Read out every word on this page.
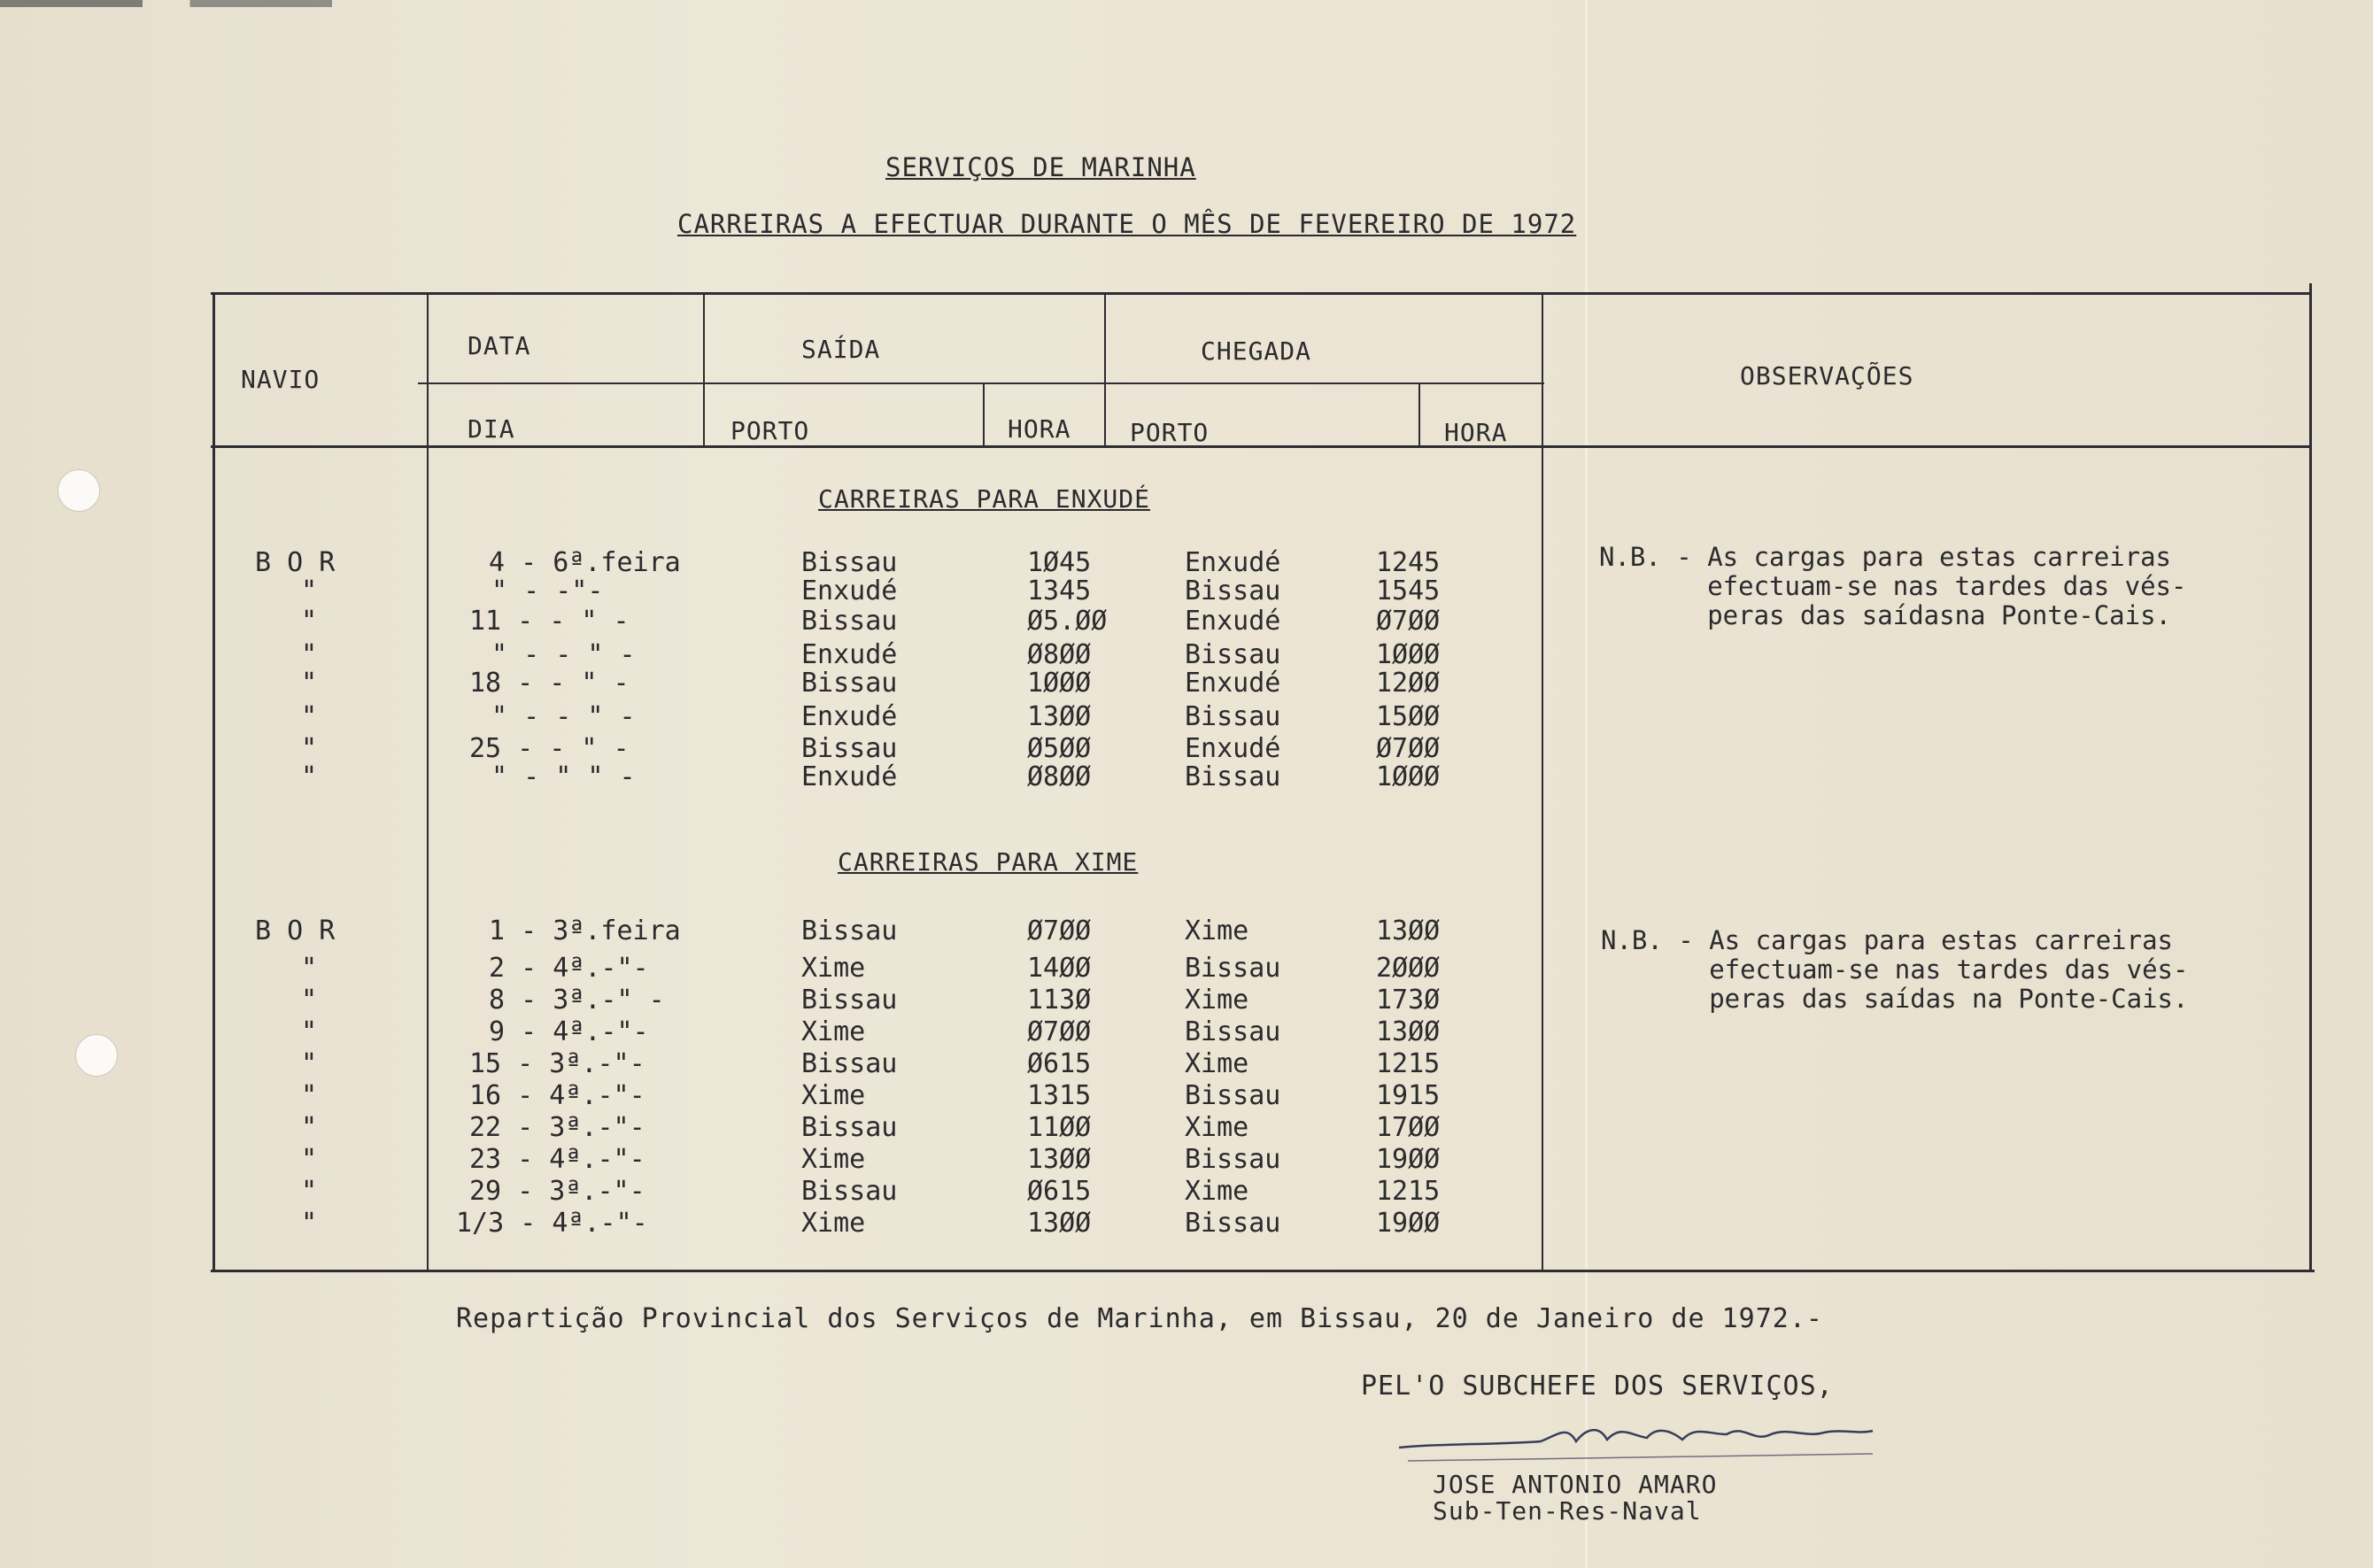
SERVIÇOS DE MARINHA
CARREIRAS A EFECTUAR DURANTE O MÊS DE FEVEREIRO DE 1972
NAVIO
DATA
DIA
SAÍDA	CHEGADA
PORTO	HORA PORTO	HORA
OBSERVAÇÕES
CARREIRAS PARA ENXUDÉ
B O R	4 - 6ª.feira	Bissau	1Ø45	Enxudé	1245
"	" - -"-	Enxudé	1345	Bissau	1545
"	11 - - " -	Bissau	Ø5.ØØ	Enxudé	Ø7ØØ
"	" - - " -	Enxudé	Ø8ØØ	Bissau	1ØØØ
"	18 - - " -	Bissau	1ØØØ	Enxudé	12ØØ
"	" - - " -	Enxudé	13ØØ	Bissau	15ØØ
"	25 - - " -	Bissau	Ø5ØØ	Enxudé	Ø7ØØ
"	" - " " -	Enxudé	Ø8ØØ	Bissau	1ØØØ
N.B. - As cargas para estas carreiras
efectuam-se nas tardes das vés-
peras das saídasna Ponte-Cais.
CARREIRAS PARA XIME
B O R	1 - 3ª.feira	Bissau	Ø7ØØ	Xime	13ØØ
"	2 - 4ª.-"-	Xime	14ØØ	Bissau	2ØØØ
"	8 - 3ª.-" -	Bissau	113Ø	Xime	173Ø
"	9 - 4ª.-"-	Xime	Ø7ØØ	Bissau	13ØØ
"	15 - 3ª.-"-	Bissau	Ø615	Xime	1215
"	16 - 4ª.-"-	Xime	1315	Bissau	1915
"	22 - 3ª.-"-	Bissau	11ØØ	Xime	17ØØ
"	23 - 4ª.-"-	Xime	13ØØ	Bissau	19ØØ
"	29 - 3ª.-"-	Bissau	Ø615	Xime	1215
"	1/3 - 4ª.-"-	Xime	13ØØ	Bissau	19ØØ
N.B. - As cargas para estas carreiras
efectuam-se nas tardes das vés-
peras das saídas na Ponte-Cais.
Repartição Provincial dos Serviços de Marinha, em Bissau, 20 de Janeiro de 1972.-
PEL'O SUBCHEFE DOS SERVIÇOS,
JOSE ANTONIO AMARO
Sub-Ten-Res-Naval
